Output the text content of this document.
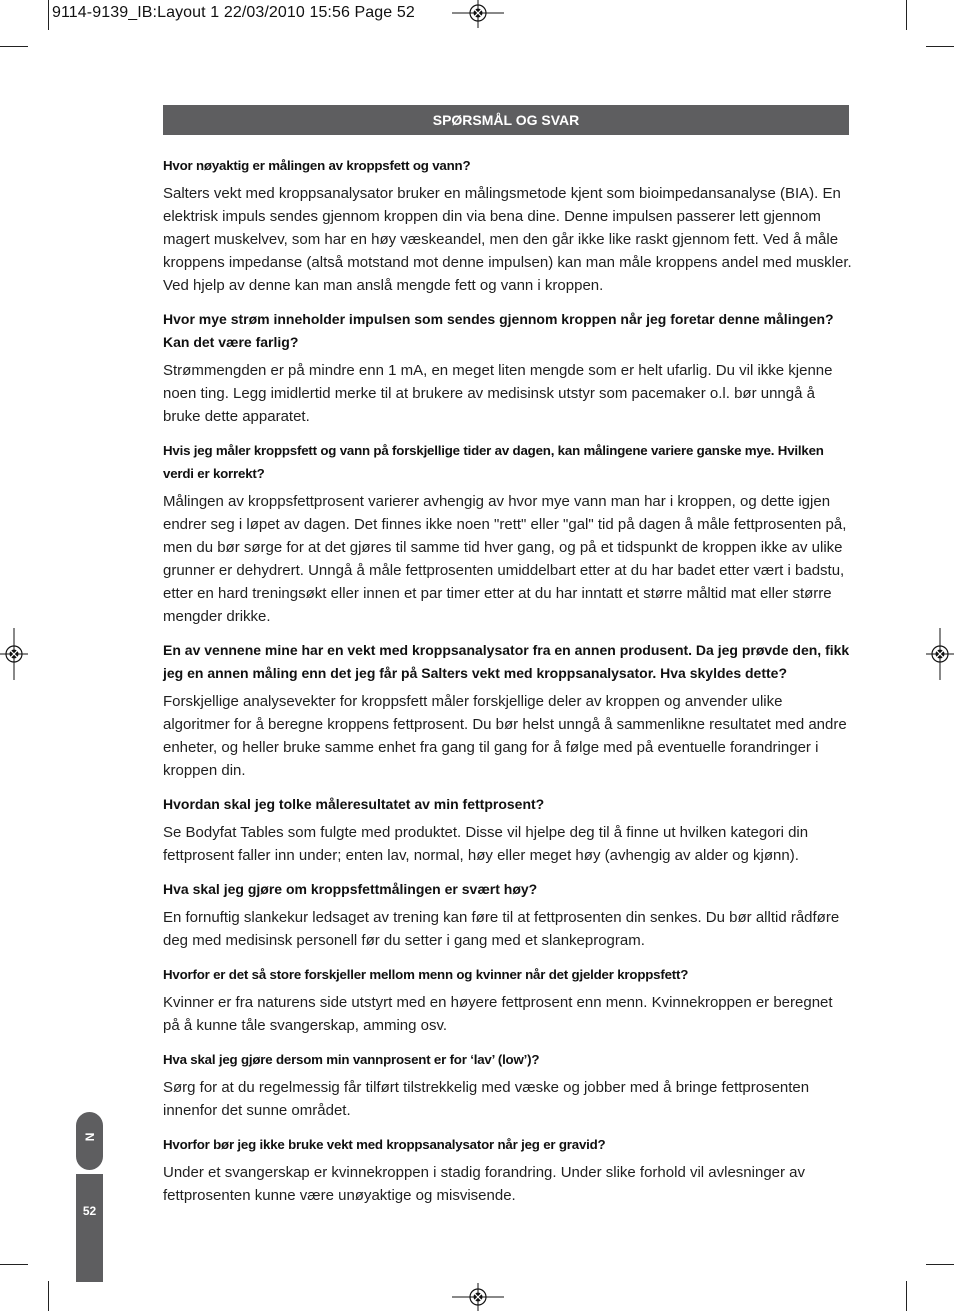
9114-9139_IB:Layout 1 22/03/2010 15:56 Page 52
SPØRSMÅL OG SVAR

Hvor nøyaktig er målingen av kroppsfett og vann?

Salters vekt med kroppsanalysator bruker en målingsmetode kjent som bioimpedansanalyse (BIA). En elektrisk impuls sendes gjennom kroppen din via bena dine. Denne impulsen passerer lett gjennom magert muskelvev, som har en høy væskeandel, men den går ikke like raskt gjennom fett. Ved å måle kroppens impedanse (altså motstand mot denne impulsen) kan man måle kroppens andel med muskler. Ved hjelp av denne kan man anslå mengde fett og vann i kroppen.

Hvor mye strøm inneholder impulsen som sendes gjennom kroppen når jeg foretar denne målingen? Kan det være farlig?

Strømmengden er på mindre enn 1 mA, en meget liten mengde som er helt ufarlig. Du vil ikke kjenne noen ting. Legg imidlertid merke til at brukere av medisinsk utstyr som pacemaker o.l. bør unngå å bruke dette apparatet.

Hvis jeg måler kroppsfett og vann på forskjellige tider av dagen, kan målingene variere ganske mye. Hvilken verdi er korrekt?

Målingen av kroppsfettprosent varierer avhengig av hvor mye vann man har i kroppen, og dette igjen endrer seg i løpet av dagen. Det finnes ikke noen "rett" eller "gal" tid på dagen å måle fettprosenten på, men du bør sørge for at det gjøres til samme tid hver gang, og på et tidspunkt de kroppen ikke av ulike grunner er dehydrert. Unngå å måle fettprosenten umiddelbart etter at du har badet etter vært i badstu, etter en hard treningsøkt eller innen et par timer etter at du har inntatt et større måltid mat eller større mengder drikke.

En av vennene mine har en vekt med kroppsanalysator fra en annen produsent. Da jeg prøvde den, fikk jeg en annen måling enn det jeg får på Salters vekt med kroppsanalysator. Hva skyldes dette?

Forskjellige analysevekter for kroppsfett måler forskjellige deler av kroppen og anvender ulike algoritmer for å beregne kroppens fettprosent. Du bør helst unngå å sammenlikne resultatet med andre enheter, og heller bruke samme enhet fra gang til gang for å følge med på eventuelle forandringer i kroppen din.

Hvordan skal jeg tolke måleresultatet av min fettprosent?

Se Bodyfat Tables som fulgte med produktet. Disse vil hjelpe deg til å finne ut hvilken kategori din fettprosent faller inn under; enten lav, normal, høy eller meget høy (avhengig av alder og kjønn).

Hva skal jeg gjøre om kroppsfettmålingen er svært høy?

En fornuftig slankekur ledsaget av trening kan føre til at fettprosenten din senkes. Du bør alltid rådføre deg med medisinsk personell før du setter i gang med et slankeprogram.

Hvorfor er det så store forskjeller mellom menn og kvinner når det gjelder kroppsfett?

Kvinner er fra naturens side utstyrt med en høyere fettprosent enn menn. Kvinnekroppen er beregnet på å kunne tåle svangerskap, amming osv.

Hva skal jeg gjøre dersom min vannprosent er for ‘lav’ (low’)?

Sørg for at du regelmessig får tilført tilstrekkelig med væske og jobber med å bringe fettprosenten innenfor det sunne området.

Hvorfor bør jeg ikke bruke vekt med kroppsanalysator når jeg er gravid?

Under et svangerskap er kvinnekroppen i stadig forandring. Under slike forhold vil avlesninger av fettprosenten kunne være unøyaktige og misvisende.

N
52
